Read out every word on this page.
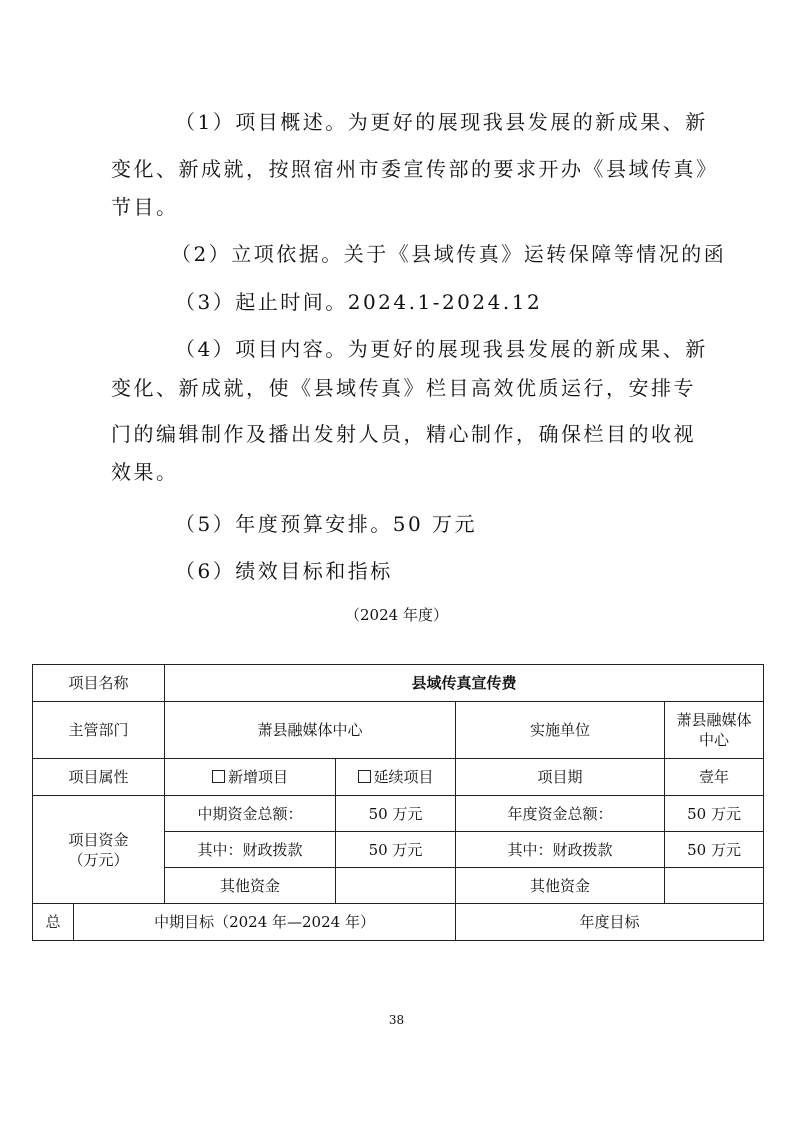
（1）项目概述。为更好的展现我县发展的新成果、新
变化、新成就，按照宿州市委宣传部的要求开办《县域传真》
节目。
（2）立项依据。关于《县域传真》运转保障等情况的函
（3）起止时间。2024.1-2024.12
（4）项目内容。为更好的展现我县发展的新成果、新
变化、新成就，使《县域传真》栏目高效优质运行，安排专
门的编辑制作及播出发射人员，精心制作，确保栏目的收视
效果。
（5）年度预算安排。50 万元
（6）绩效目标和指标
（2024 年度）
项目名称		县域传真宣传费			
主管部门		萧县融媒体中心		实施单位	萧县融媒体
中心

项目属性		新增项目	延续项目	项目期	壹年

项目资金
（万元）		中期资金总额：	50 万元	年度资金总额：	50 万元
		其中：财政拨款	50 万元	其中：财政拨款	50 万元
		其他资金		其他资金	
总	中期目标（2024 年—2024 年）			年度目标	
38
